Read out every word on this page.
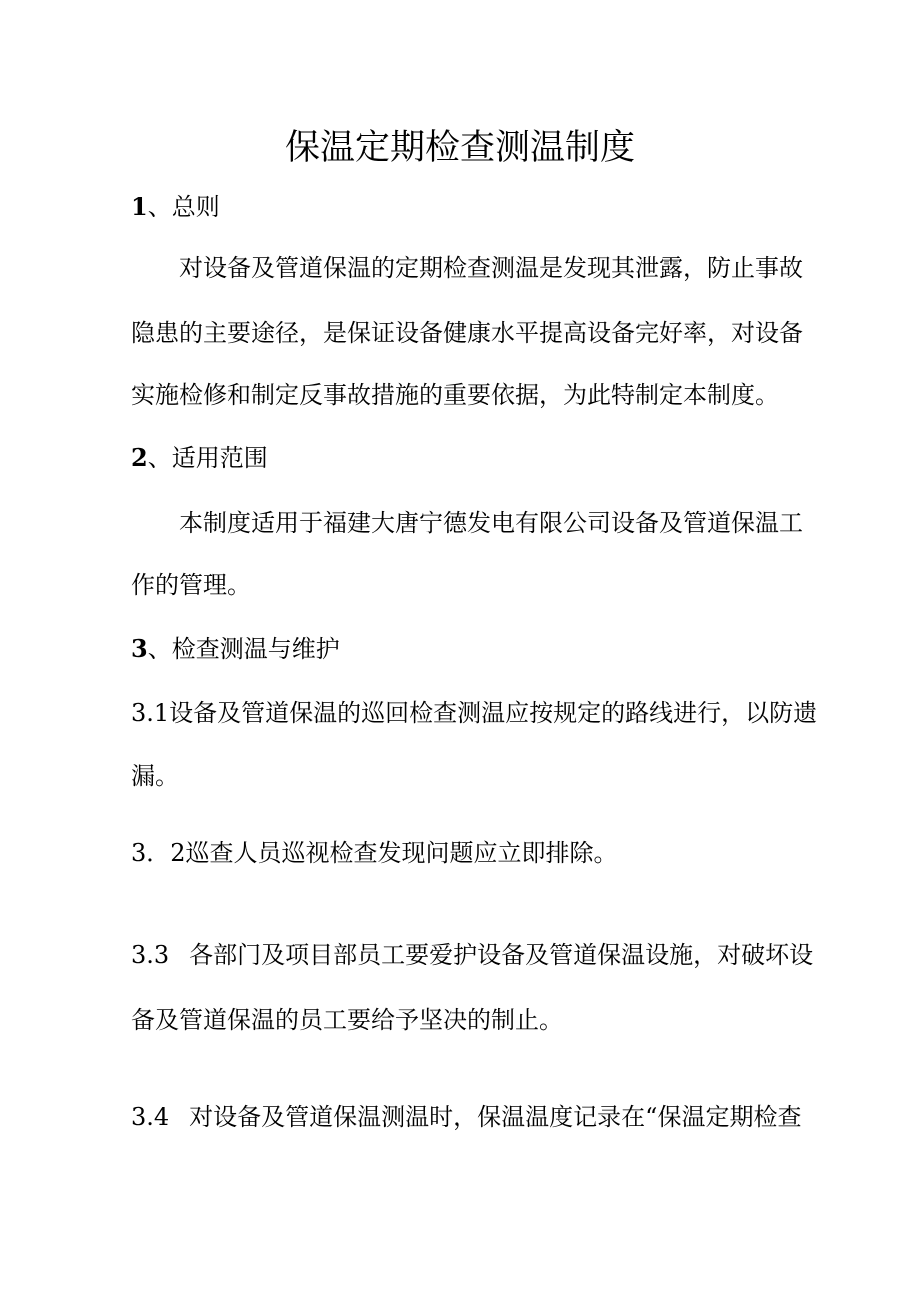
保温定期检查测温制度
1、总则
对设备及管道保温的定期检查测温是发现其泄露，防止事故
隐患的主要途径，是保证设备健康水平提高设备完好率，对设备
实施检修和制定反事故措施的重要依据，为此特制定本制度。
2、适用范围
本制度适用于福建大唐宁德发电有限公司设备及管道保温工
作的管理。
3、检查测温与维护
3.1设备及管道保温的巡回检查测温应按规定的路线进行，以防遗
漏。
3．2巡查人员巡视检查发现问题应立即排除。
3.3 各部门及项目部员工要爱护设备及管道保温设施，对破坏设
备及管道保温的员工要给予坚决的制止。
3.4 对设备及管道保温测温时，保温温度记录在“保温定期检查
